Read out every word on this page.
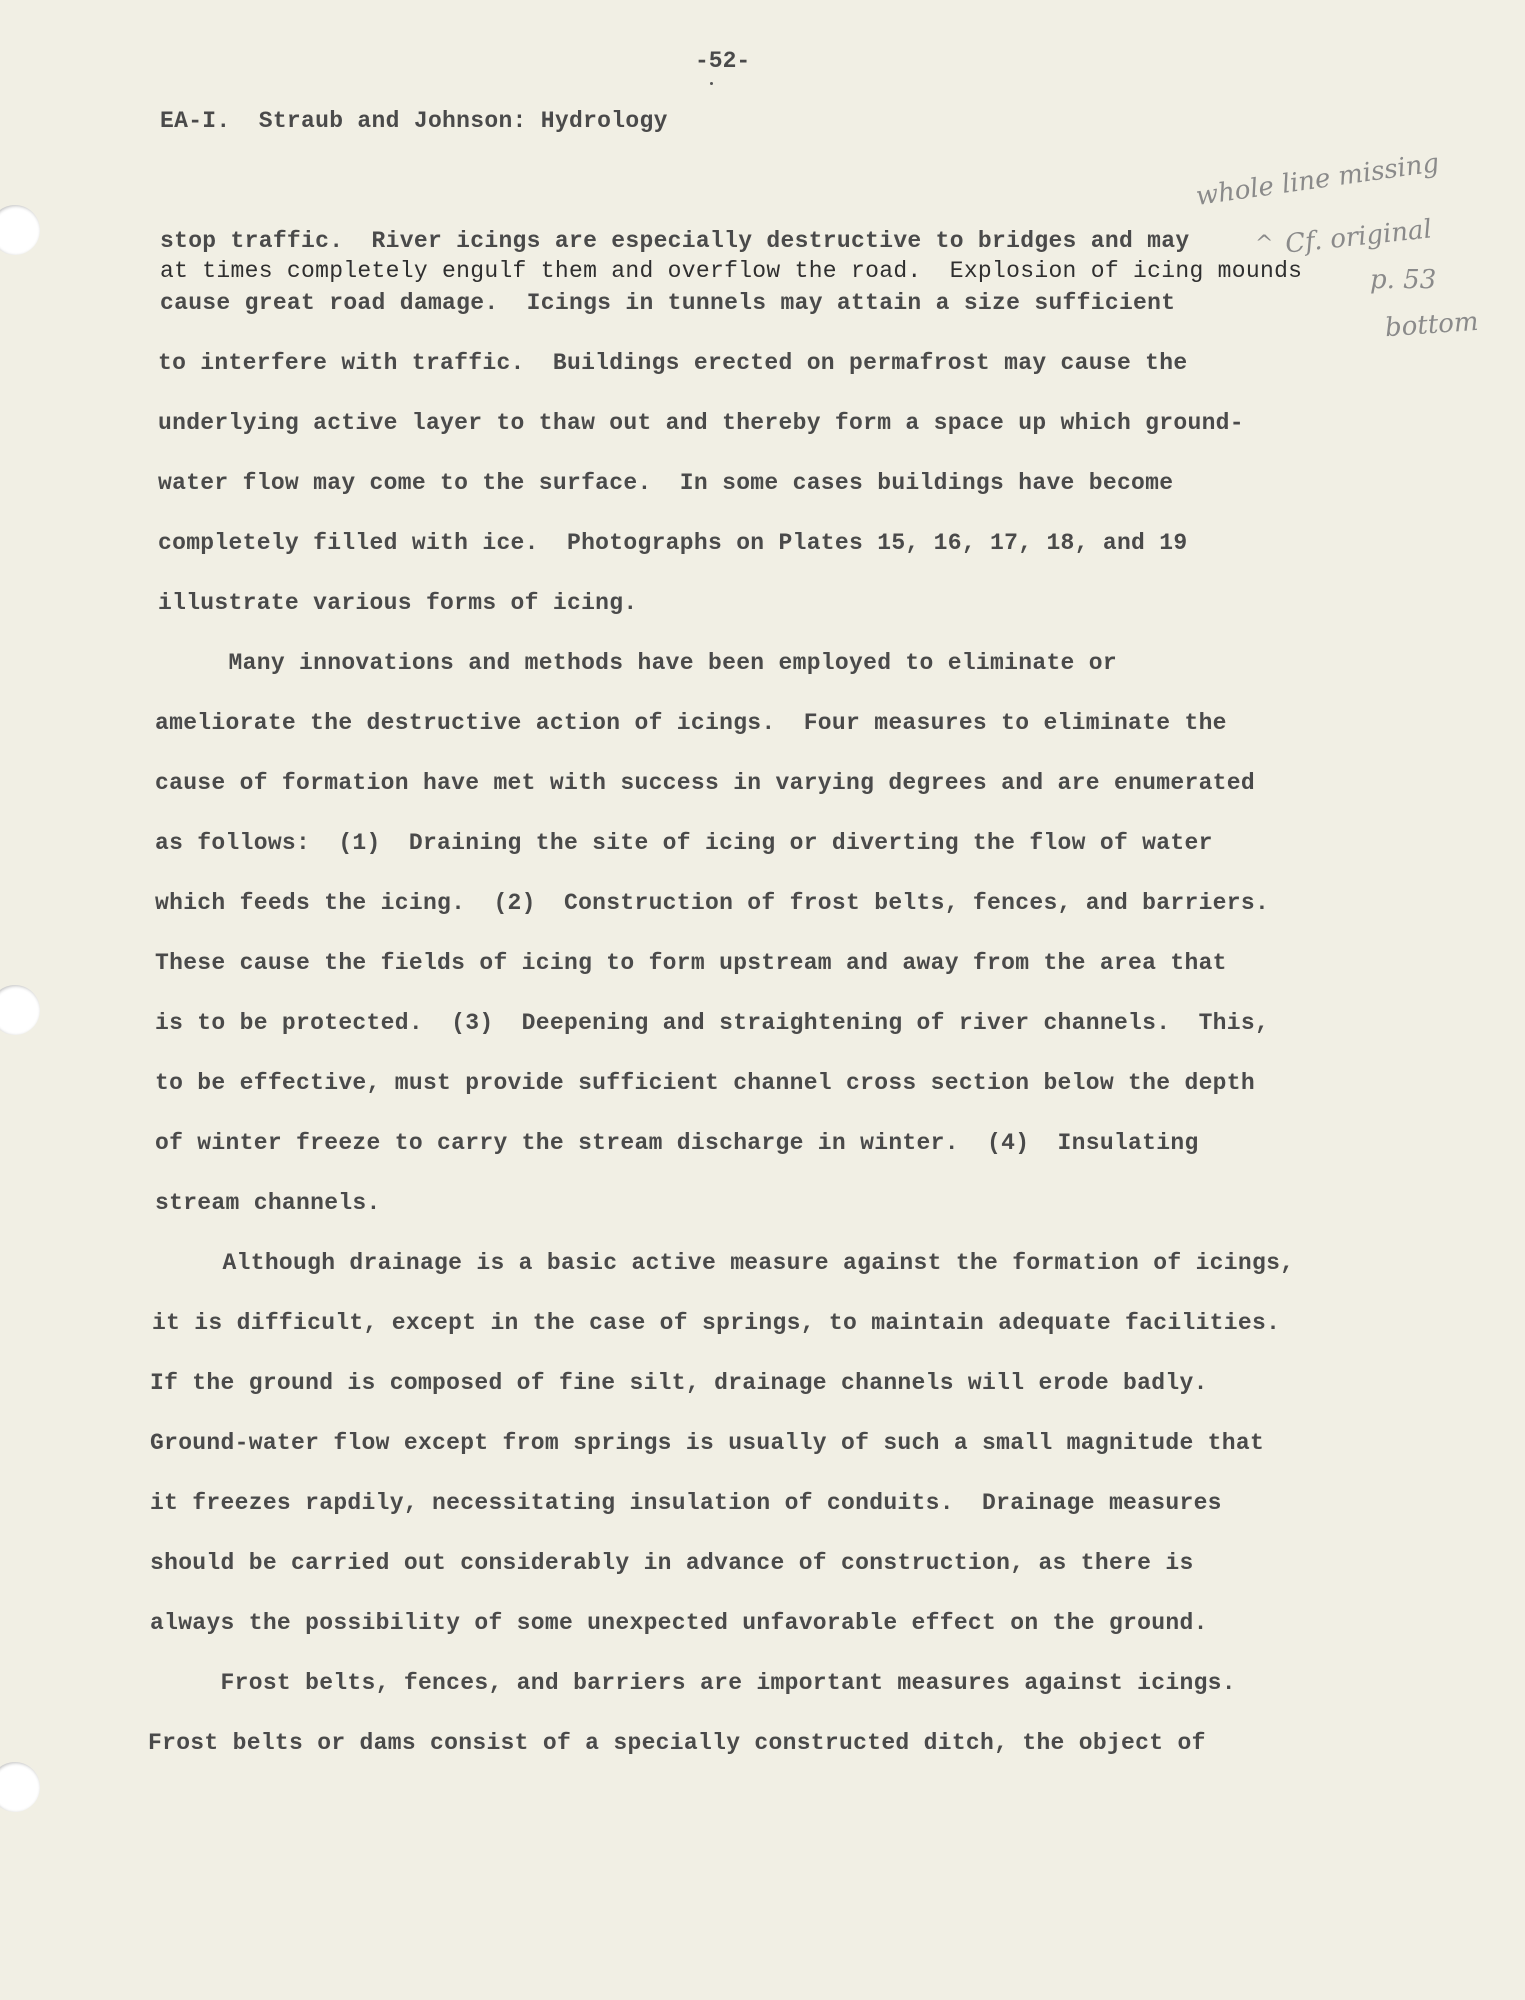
-52-
EA-I.  Straub and Johnson: Hydrology
whole line missing
^ Cf. original
p. 53
bottom
stop traffic.  River icings are especially destructive to bridges and may
at times completely engulf them and overflow the road.  Explosion of icing mounds
cause great road damage.  Icings in tunnels may attain a size sufficient
to interfere with traffic.  Buildings erected on permafrost may cause the
underlying active layer to thaw out and thereby form a space up which ground-
water flow may come to the surface.  In some cases buildings have become
completely filled with ice.  Photographs on Plates 15, 16, 17, 18, and 19
illustrate various forms of icing.
Many innovations and methods have been employed to eliminate or
ameliorate the destructive action of icings.  Four measures to eliminate the
cause of formation have met with success in varying degrees and are enumerated
as follows:  (1)  Draining the site of icing or diverting the flow of water
which feeds the icing.  (2)  Construction of frost belts, fences, and barriers.
These cause the fields of icing to form upstream and away from the area that
is to be protected.  (3)  Deepening and straightening of river channels.  This,
to be effective, must provide sufficient channel cross section below the depth
of winter freeze to carry the stream discharge in winter.  (4)  Insulating
stream channels.
Although drainage is a basic active measure against the formation of icings,
it is difficult, except in the case of springs, to maintain adequate facilities.
If the ground is composed of fine silt, drainage channels will erode badly.
Ground-water flow except from springs is usually of such a small magnitude that
it freezes rapdily, necessitating insulation of conduits.  Drainage measures
should be carried out considerably in advance of construction, as there is
always the possibility of some unexpected unfavorable effect on the ground.
Frost belts, fences, and barriers are important measures against icings.
Frost belts or dams consist of a specially constructed ditch, the object of
